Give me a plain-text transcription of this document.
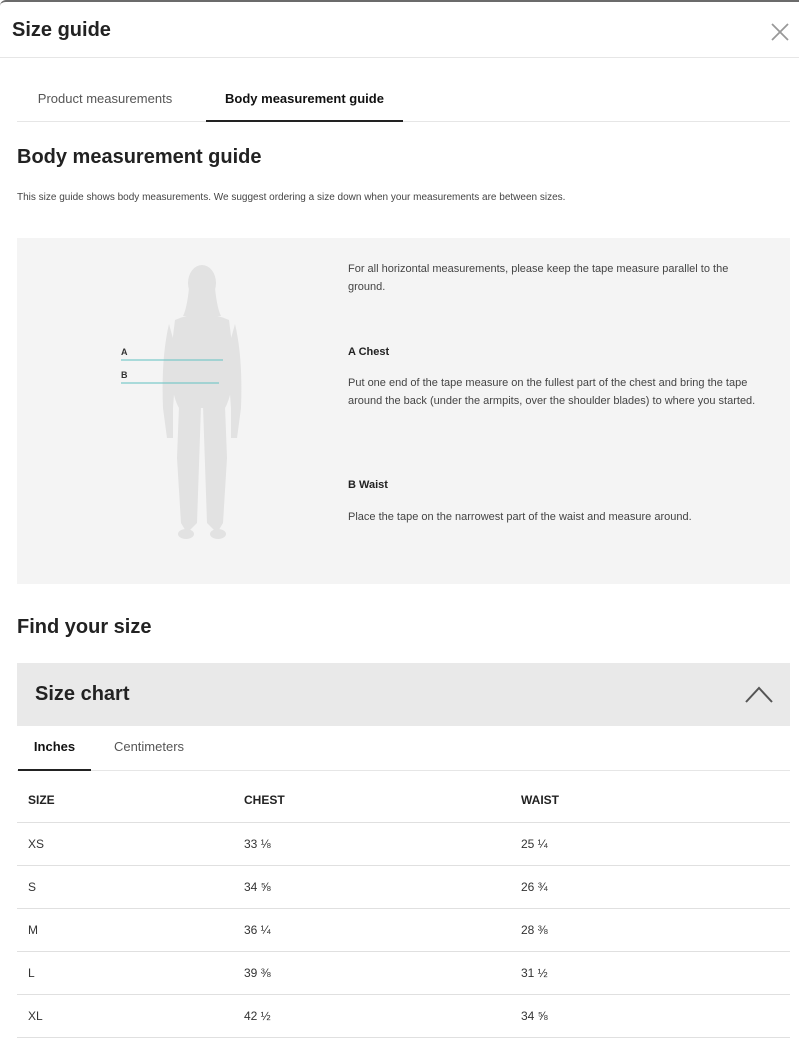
Size guide
Product measurements	Body measurement guide
Body measurement guide
This size guide shows body measurements. We suggest ordering a size down when your measurements are between sizes.
A
B
For all horizontal measurements, please keep the tape measure parallel to the ground.
A Chest
Put one end of the tape measure on the fullest part of the chest and bring the tape around the back (under the armpits, over the shoulder blades) to where you started.
B Waist
Place the tape on the narrowest part of the waist and measure around.
Find your size
Size chart
Inches	Centimeters
SIZE	CHEST	WAIST
XS	33 ⅛	25 ¼
S	34 ⅝	26 ¾
M	36 ¼	28 ⅜
L	39 ⅜	31 ½
XL	42 ½	34 ⅝
